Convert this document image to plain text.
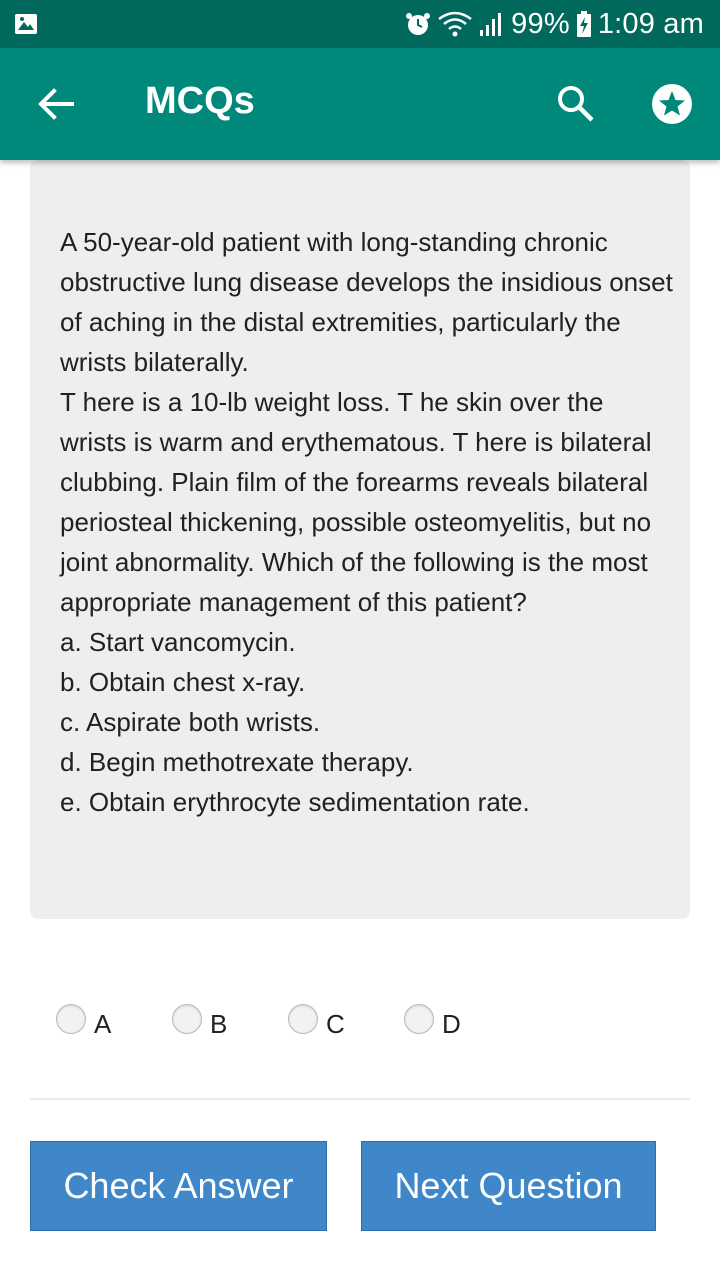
99% 1:09 am
MCQs

A 50-year-old patient with long-standing chronic obstructive lung disease develops the insidious onset of aching in the distal extremities, particularly the wrists bilaterally.
T here is a 10-lb weight loss. T he skin over the wrists is warm and erythematous. T here is bilateral clubbing. Plain film of the forearms reveals bilateral periosteal thickening, possible osteomyelitis, but no joint abnormality. Which of the following is the most appropriate management of this patient?
a. Start vancomycin.
b. Obtain chest x-ray.
c. Aspirate both wrists.
d. Begin methotrexate therapy.
e. Obtain erythrocyte sedimentation rate.

A	B	C	D
Check Answer	Next Question
